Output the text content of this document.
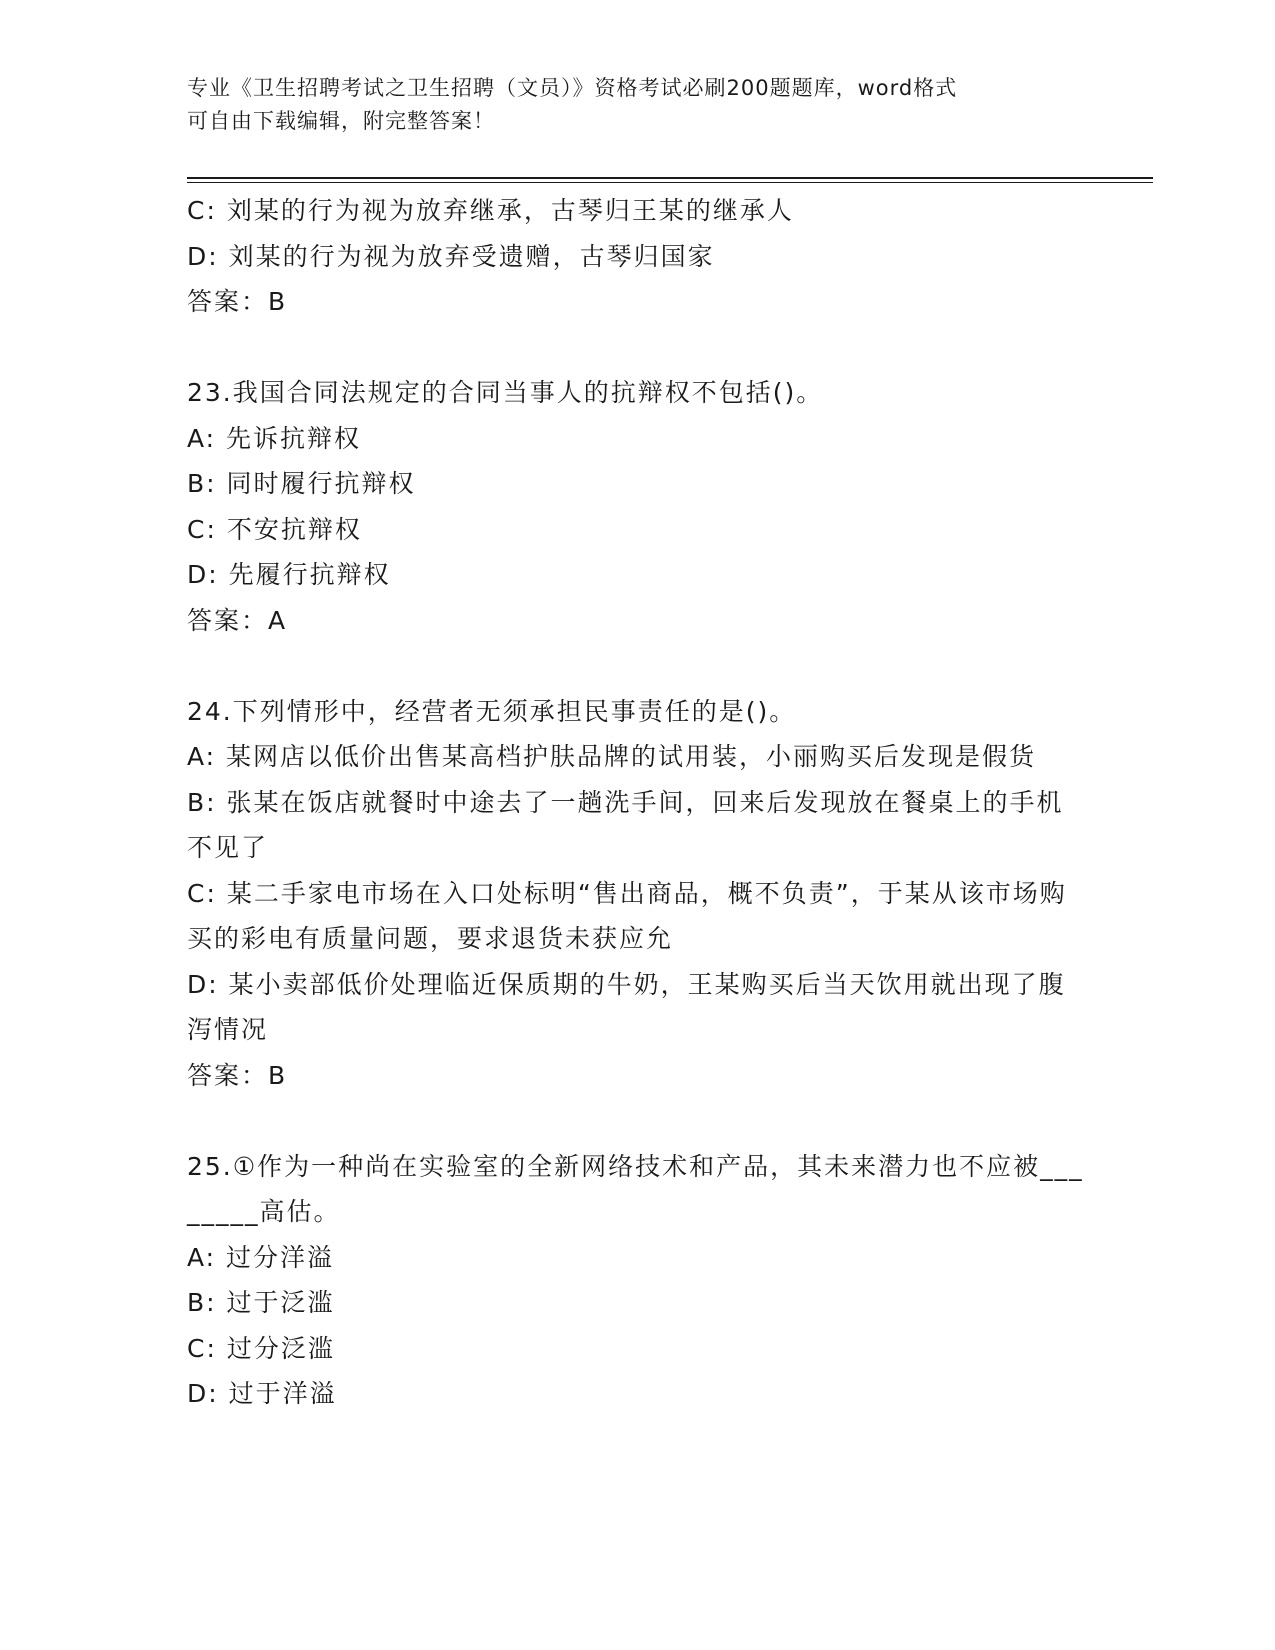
专业《卫生招聘考试之卫生招聘（文员）》资格考试必刷200题题库，word格式
可自由下载编辑，附完整答案！
C: 刘某的行为视为放弃继承，古琴归王某的继承人
D: 刘某的行为视为放弃受遗赠，古琴归国家
答案：B
23.我国合同法规定的合同当事人的抗辩权不包括()。
A: 先诉抗辩权
B: 同时履行抗辩权
C: 不安抗辩权
D: 先履行抗辩权
答案：A
24.下列情形中，经营者无须承担民事责任的是()。
A: 某网店以低价出售某高档护肤品牌的试用装，小丽购买后发现是假货
B: 张某在饭店就餐时中途去了一趟洗手间，回来后发现放在餐桌上的手机不见了
C: 某二手家电市场在入口处标明“售出商品，概不负责”，于某从该市场购买的彩电有质量问题，要求退货未获应允
D: 某小卖部低价处理临近保质期的牛奶，王某购买后当天饮用就出现了腹泻情况
答案：B
25.①作为一种尚在实验室的全新网络技术和产品，其未来潜力也不应被________高估。
A: 过分洋溢
B: 过于泛滥
C: 过分泛滥
D: 过于洋溢
